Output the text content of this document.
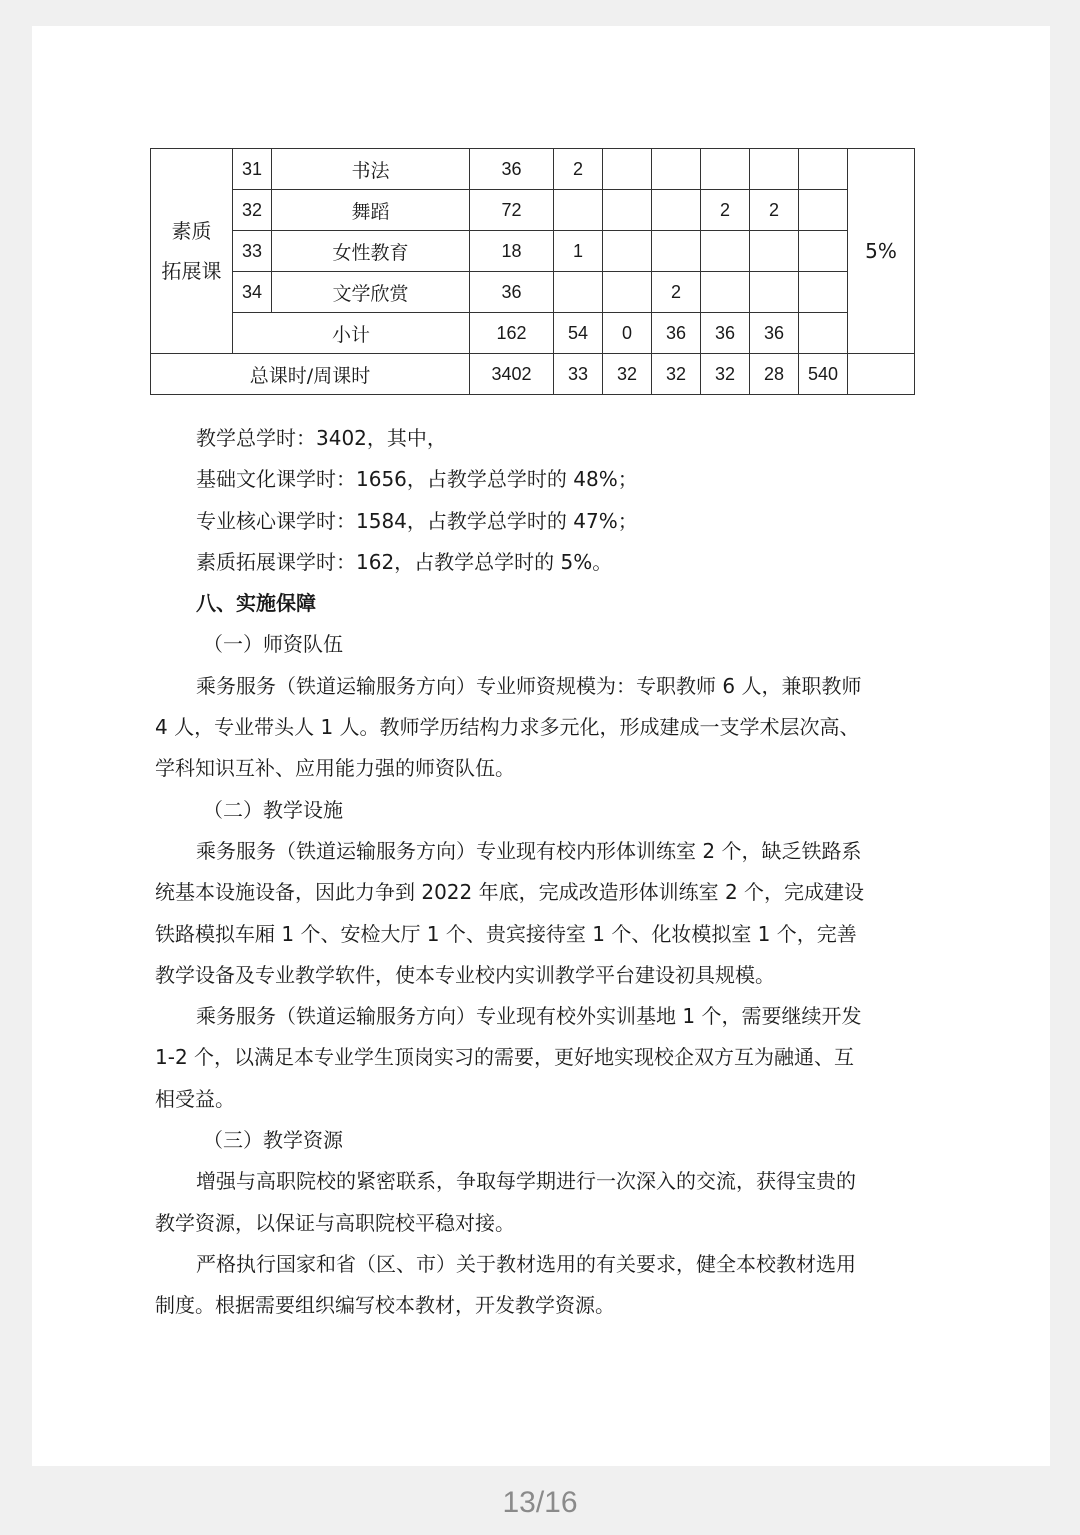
素质
拓展课	31	书法	36	2						5%
	32	舞蹈	72				2	2		
	33	女性教育	18	1						
	34	文学欣赏	36			2				
	小计		162	54	0	36	36	36		
总课时/周课时			3402	33	32	32	32	28	540	

教学总学时：3402，其中，

基础文化课学时：1656，占教学总学时的 48%；

专业核心课学时：1584，占教学总学时的 47%；

素质拓展课学时：162，占教学总学时的 5%。

八、实施保障

（一）师资队伍

乘务服务（铁道运输服务方向）专业师资规模为：专职教师 6 人，兼职教师 4 人，专业带头人 1 人。教师学历结构力求多元化，形成建成一支学术层次高、学科知识互补、应用能力强的师资队伍。

（二）教学设施

乘务服务（铁道运输服务方向）专业现有校内形体训练室 2 个，缺乏铁路系统基本设施设备，因此力争到 2022 年底，完成改造形体训练室 2 个，完成建设铁路模拟车厢 1 个、安检大厅 1 个、贵宾接待室 1 个、化妆模拟室 1 个，完善教学设备及专业教学软件，使本专业校内实训教学平台建设初具规模。

乘务服务（铁道运输服务方向）专业现有校外实训基地 1 个，需要继续开发 1-2 个，以满足本专业学生顶岗实习的需要，更好地实现校企双方互为融通、互相受益。

（三）教学资源

增强与高职院校的紧密联系，争取每学期进行一次深入的交流，获得宝贵的教学资源，以保证与高职院校平稳对接。

严格执行国家和省（区、市）关于教材选用的有关要求，健全本校教材选用制度。根据需要组织编写校本教材，开发教学资源。

13/16
